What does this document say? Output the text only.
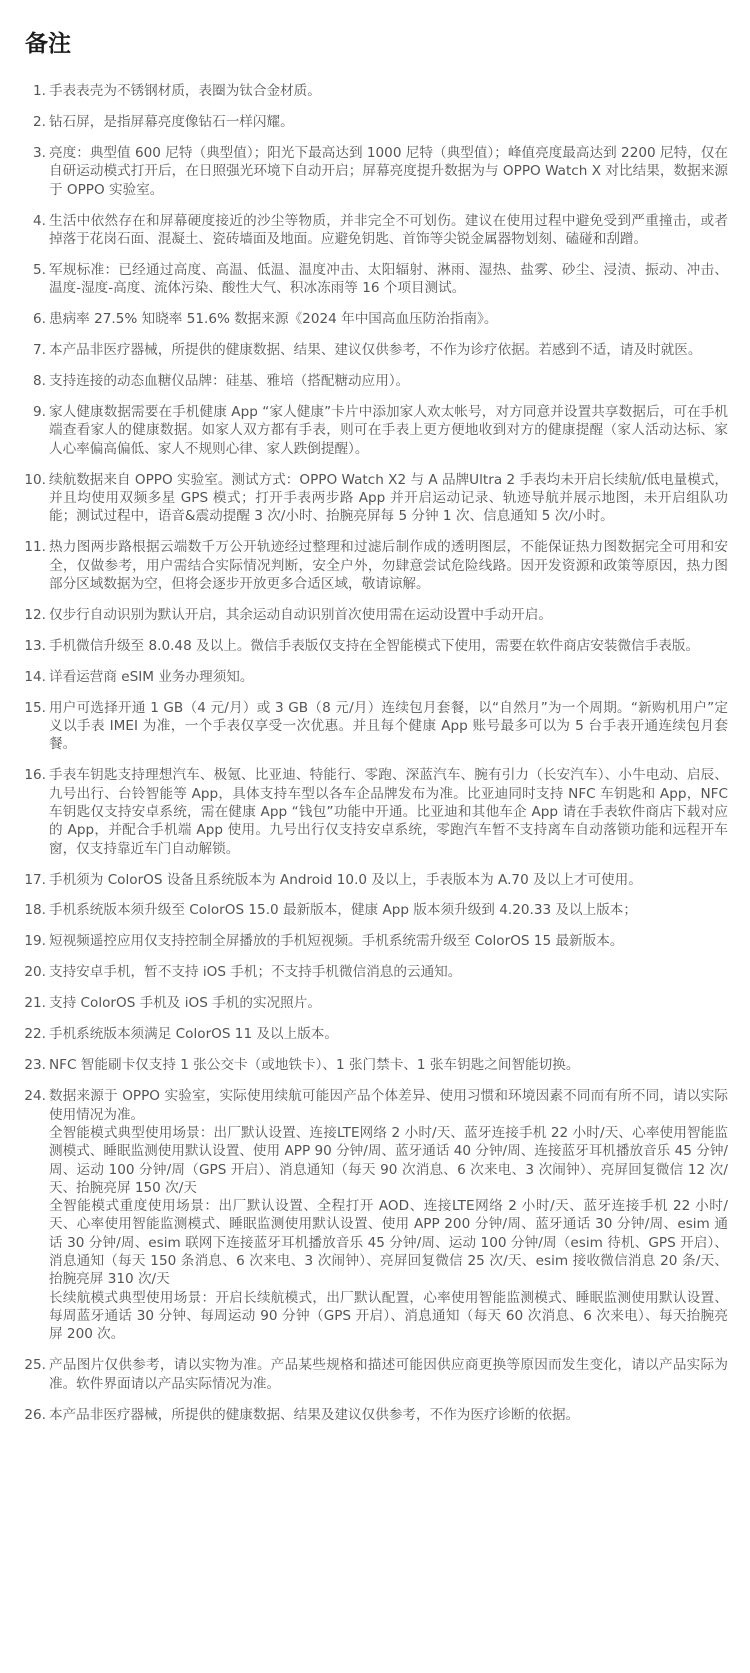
备注
1. 手表表壳为不锈钢材质，表圈为钛合金材质。
2. 钻石屏，是指屏幕亮度像钻石一样闪耀。
3. 亮度：典型值 600 尼特（典型值）；阳光下最高达到 1000 尼特（典型值）；峰值亮度最高达到 2200 尼特，仅在自研运动模式打开后，在日照强光环境下自动开启；屏幕亮度提升数据为与 OPPO Watch X 对比结果，数据来源于 OPPO 实验室。
4. 生活中依然存在和屏幕硬度接近的沙尘等物质，并非完全不可划伤。建议在使用过程中避免受到严重撞击，或者掉落于花岗石面、混凝土、瓷砖墙面及地面。应避免钥匙、首饰等尖锐金属器物划刻、磕碰和刮蹭。
5. 军规标准：已经通过高度、高温、低温、温度冲击、太阳辐射、淋雨、湿热、盐雾、砂尘、浸渍、振动、冲击、温度-湿度-高度、流体污染、酸性大气、积冰冻雨等 16 个项目测试。
6. 患病率 27.5% 知晓率 51.6% 数据来源《2024 年中国高血压防治指南》。
7. 本产品非医疗器械，所提供的健康数据、结果、建议仅供参考，不作为诊疗依据。若感到不适，请及时就医。
8. 支持连接的动态血糖仪品牌：硅基、雅培（搭配糖动应用）。
9. 家人健康数据需要在手机健康 App “家人健康”卡片中添加家人欢太帐号，对方同意并设置共享数据后，可在手机端查看家人的健康数据。如家人双方都有手表，则可在手表上更方便地收到对方的健康提醒（家人活动达标、家人心率偏高偏低、家人不规则心律、家人跌倒提醒）。
10. 续航数据来自 OPPO 实验室。测试方式：OPPO Watch X2 与 A 品牌Ultra 2 手表均未开启长续航/低电量模式，并且均使用双频多星 GPS 模式；打开手表两步路 App 并开启运动记录、轨迹导航并展示地图，未开启组队功能；测试过程中，语音&震动提醒 3 次/小时、抬腕亮屏每 5 分钟 1 次、信息通知 5 次/小时。
11. 热力图两步路根据云端数千万公开轨迹经过整理和过滤后制作成的透明图层，不能保证热力图数据完全可用和安全，仅做参考，用户需结合实际情况判断，安全户外，勿肆意尝试危险线路。因开发资源和政策等原因，热力图部分区域数据为空，但将会逐步开放更多合适区域，敬请谅解。
12. 仅步行自动识别为默认开启，其余运动自动识别首次使用需在运动设置中手动开启。
13. 手机微信升级至 8.0.48 及以上。微信手表版仅支持在全智能模式下使用，需要在软件商店安装微信手表版。
14. 详看运营商 eSIM 业务办理须知。
15. 用户可选择开通 1 GB（4 元/月）或 3 GB（8 元/月）连续包月套餐，以“自然月”为一个周期。“新购机用户”定义以手表 IMEI 为准，一个手表仅享受一次优惠。并且每个健康 App 账号最多可以为 5 台手表开通连续包月套餐。
16. 手表车钥匙支持理想汽车、极氪、比亚迪、特能行、零跑、深蓝汽车、腕有引力（长安汽车）、小牛电动、启辰、九号出行、台铃智能等 App，具体支持车型以各车企品牌发布为准。比亚迪同时支持 NFC 车钥匙和 App，NFC 车钥匙仅支持安卓系统，需在健康 App “钱包”功能中开通。比亚迪和其他车企 App 请在手表软件商店下载对应的 App，并配合手机端 App 使用。九号出行仅支持安卓系统，零跑汽车暂不支持离车自动落锁功能和远程开车窗，仅支持靠近车门自动解锁。
17. 手机须为 ColorOS 设备且系统版本为 Android 10.0 及以上，手表版本为 A.70 及以上才可使用。
18. 手机系统版本须升级至 ColorOS 15.0 最新版本，健康 App 版本须升级到 4.20.33 及以上版本；
19. 短视频遥控应用仅支持控制全屏播放的手机短视频。手机系统需升级至 ColorOS 15 最新版本。
20. 支持安卓手机，暂不支持 iOS 手机；不支持手机微信消息的云通知。
21. 支持 ColorOS 手机及 iOS 手机的实况照片。
22. 手机系统版本须满足 ColorOS 11 及以上版本。
23. NFC 智能刷卡仅支持 1 张公交卡（或地铁卡）、1 张门禁卡、1 张车钥匙之间智能切换。
24. 数据来源于 OPPO 实验室，实际使用续航可能因产品个体差异、使用习惯和环境因素不同而有所不同，请以实际使用情况为准。
全智能模式典型使用场景：出厂默认设置、连接LTE网络 2 小时/天、蓝牙连接手机 22 小时/天、心率使用智能监测模式、睡眠监测使用默认设置、使用 APP 90 分钟/周、蓝牙通话 40 分钟/周、连接蓝牙耳机播放音乐 45 分钟/周、运动 100 分钟/周（GPS 开启）、消息通知（每天 90 次消息、6 次来电、3 次闹钟）、亮屏回复微信 12 次/天、抬腕亮屏 150 次/天
全智能模式重度使用场景：出厂默认设置、全程打开 AOD、连接LTE网络 2 小时/天、蓝牙连接手机 22 小时/天、心率使用智能监测模式、睡眠监测使用默认设置、使用 APP 200 分钟/周、蓝牙通话 30 分钟/周、esim 通话 30 分钟/周、esim 联网下连接蓝牙耳机播放音乐 45 分钟/周、运动 100 分钟/周（esim 待机、GPS 开启）、消息通知（每天 150 条消息、6 次来电、3 次闹钟）、亮屏回复微信 25 次/天、esim 接收微信消息 20 条/天、抬腕亮屏 310 次/天
长续航模式典型使用场景：开启长续航模式，出厂默认配置，心率使用智能监测模式、睡眠监测使用默认设置、每周蓝牙通话 30 分钟、每周运动 90 分钟（GPS 开启）、消息通知（每天 60 次消息、6 次来电）、每天抬腕亮屏 200 次。
25. 产品图片仅供参考，请以实物为准。产品某些规格和描述可能因供应商更换等原因而发生变化，请以产品实际为准。软件界面请以产品实际情况为准。
26. 本产品非医疗器械，所提供的健康数据、结果及建议仅供参考，不作为医疗诊断的依据。
